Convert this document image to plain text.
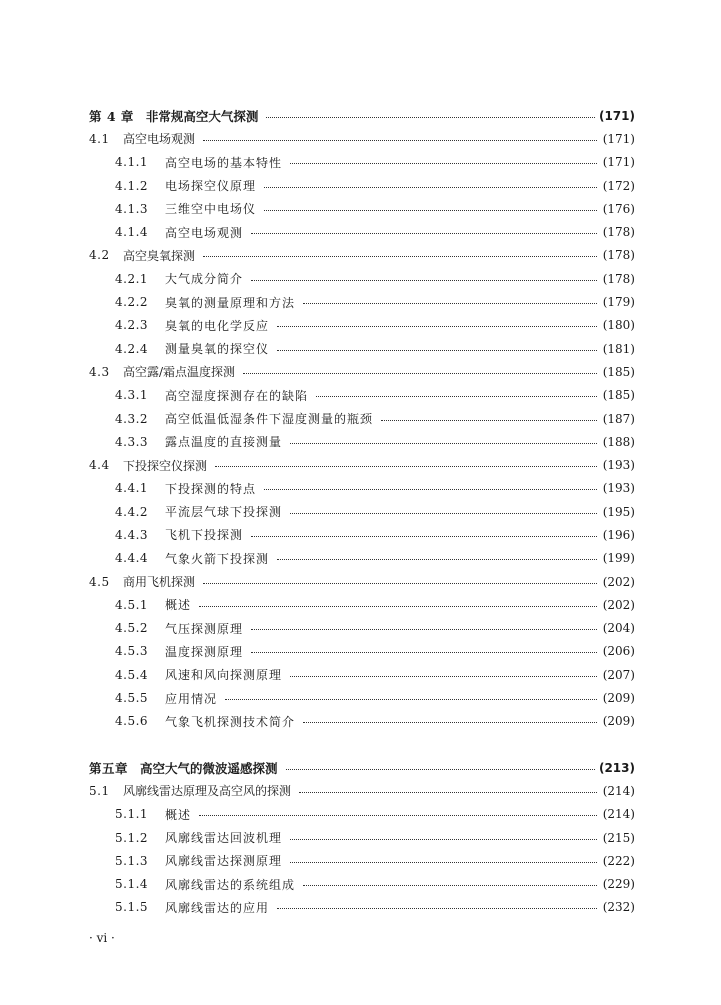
第 4 章 非常规高空大气探测	(171)
4.1	高空电场观测	(171)
4.1.1	高空电场的基本特性	(171)
4.1.2	电场探空仪原理	(172)
4.1.3	三维空中电场仪	(176)
4.1.4	高空电场观测	(178)
4.2	高空臭氧探测	(178)
4.2.1	大气成分简介	(178)
4.2.2	臭氧的测量原理和方法	(179)
4.2.3	臭氧的电化学反应	(180)
4.2.4	测量臭氧的探空仪	(181)
4.3	高空露/霜点温度探测	(185)
4.3.1	高空湿度探测存在的缺陷	(185)
4.3.2	高空低温低湿条件下湿度测量的瓶颈	(187)
4.3.3	露点温度的直接测量	(188)
4.4	下投探空仪探测	(193)
4.4.1	下投探测的特点	(193)
4.4.2	平流层气球下投探测	(195)
4.4.3	飞机下投探测	(196)
4.4.4	气象火箭下投探测	(199)
4.5	商用飞机探测	(202)
4.5.1	概述	(202)
4.5.2	气压探测原理	(204)
4.5.3	温度探测原理	(206)
4.5.4	风速和风向探测原理	(207)
4.5.5	应用情况	(209)
4.5.6	气象飞机探测技术简介	(209)
第五章 高空大气的微波遥感探测	(213)
5.1	风廓线雷达原理及高空风的探测	(214)
5.1.1	概述	(214)
5.1.2	风廓线雷达回波机理	(215)
5.1.3	风廓线雷达探测原理	(222)
5.1.4	风廓线雷达的系统组成	(229)
5.1.5	风廓线雷达的应用	(232)
· vi ·
